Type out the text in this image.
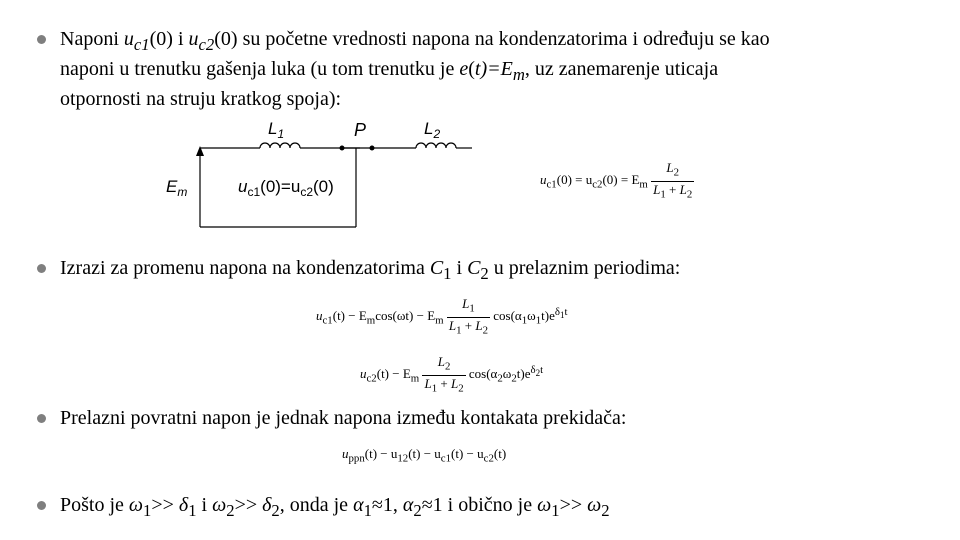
Naponi $u_{c1}(0)$ i $u_{c2}(0)$ su početne vrednosti napona na kondenzatorima i određuju se kao
naponi u trenutku gašenja luka (u tom trenutku je $e(t)=E_m$, uz zanemarenje uticaja
otpornosti na struju kratkog spoja):
$L_1$	P	$L_2$
$E_m$	$u_{c1}(0)=u_{c2}(0)$	$u_{c1}(0) = u_{c2}(0) = E_m \frac{L_2}{L_1 + L_2}$
Izrazi za promenu napona na kondenzatorima $C_1$ i $C_2$ u prelaznim periodima:
$u_{c1}(t) - E_m\cos(\omega t) - E_m \frac{L_1}{L_1 + L_2} \cos(\alpha_1\omega_1t)e^{\delta_1t}$
$u_{c2}(t) - E_m \frac{L_2}{L_1 + L_2} \cos(\alpha_2\omega_2t)e^{\delta_2t}$
Prelazni povratni napon je jednak napona između kontakata prekidača:
$u_{ppn}(t) - u_{12}(t) - u_{c1}(t) - u_{c2}(t)$
Pošto je $\omega_1>> \delta_1$ i $\omega_2>> \delta_2$, onda je $\alpha_1\approx 1$, $\alpha_2\approx 1$ i obično je $\omega_1>> \omega_2$
